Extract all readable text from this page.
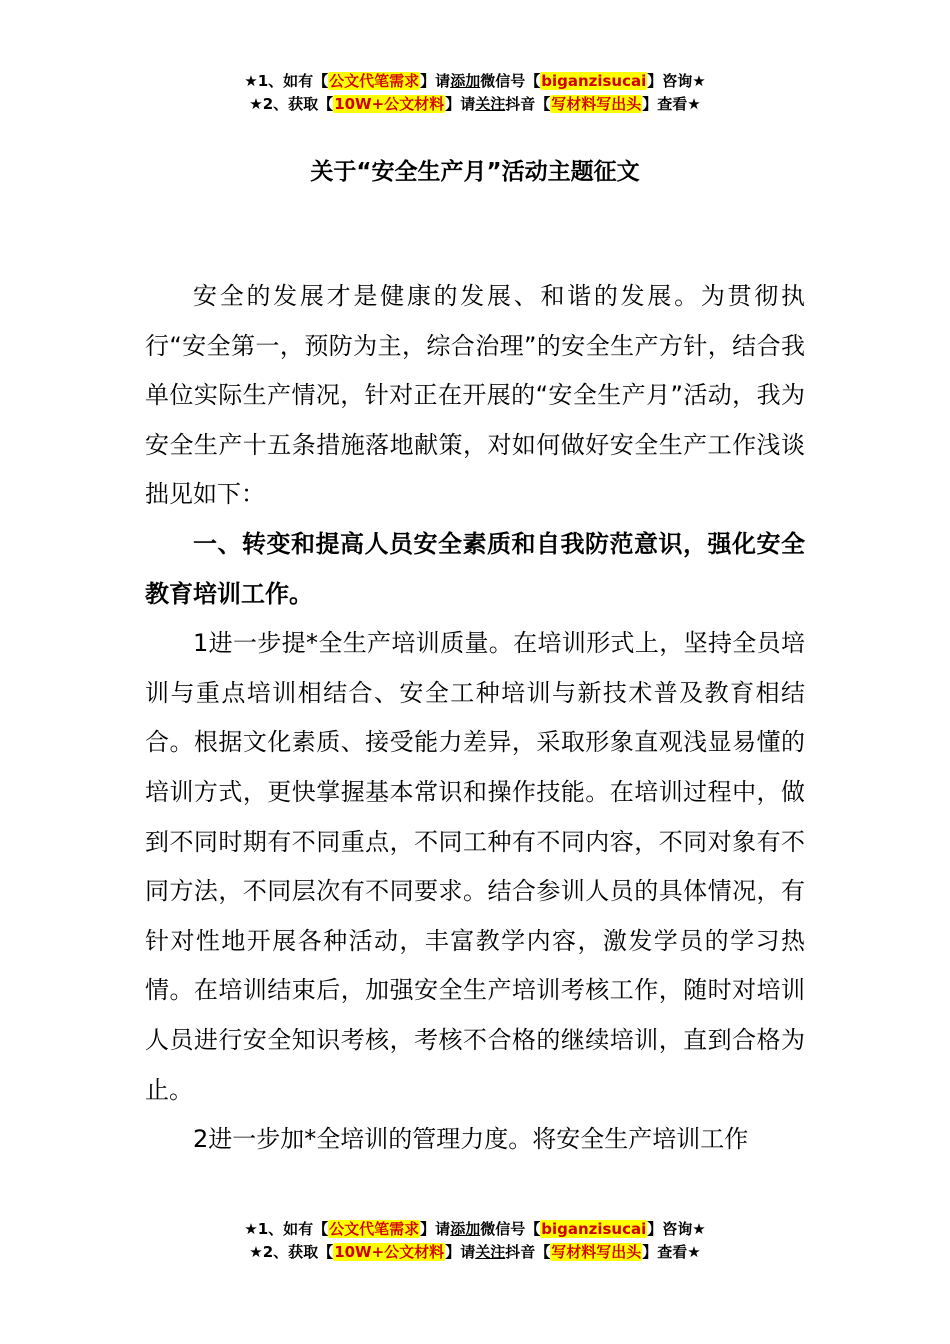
★1、如有【公文代笔需求】请添加微信号【biganzisucai】咨询★
★2、获取【10W+公文材料】请关注抖音【写材料写出头】查看★
关于“安全生产月”活动主题征文

安全的发展才是健康的发展、和谐的发展。为贯彻执行“安全第一，预防为主，综合治理”的安全生产方针，结合我单位实际生产情况，针对正在开展的“安全生产月”活动，我为安全生产十五条措施落地献策，对如何做好安全生产工作浅谈拙见如下：

一、转变和提高人员安全素质和自我防范意识，强化安全教育培训工作。

1进一步提*全生产培训质量。在培训形式上，坚持全员培训与重点培训相结合、安全工种培训与新技术普及教育相结合。根据文化素质、接受能力差异，采取形象直观浅显易懂的培训方式，更快掌握基本常识和操作技能。在培训过程中，做到不同时期有不同重点，不同工种有不同内容，不同对象有不同方法，不同层次有不同要求。结合参训人员的具体情况，有针对性地开展各种活动，丰富教学内容，激发学员的学习热情。在培训结束后，加强安全生产培训考核工作，随时对培训人员进行安全知识考核，考核不合格的继续培训，直到合格为止。

2进一步加*全培训的管理力度。将安全生产培训工作

★1、如有【公文代笔需求】请添加微信号【biganzisucai】咨询★
★2、获取【10W+公文材料】请关注抖音【写材料写出头】查看★
